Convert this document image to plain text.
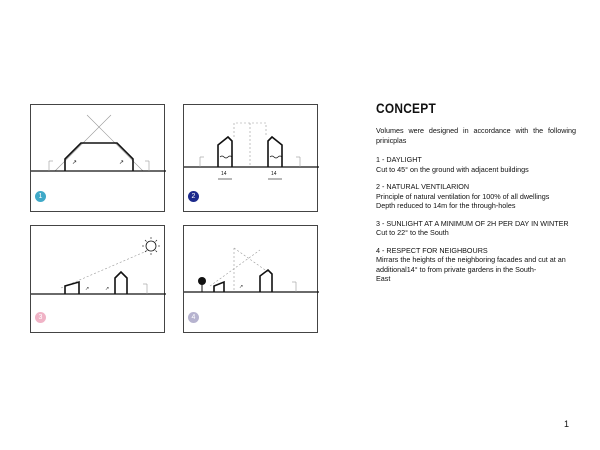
↗	↗
1
14	14
2
↗	↗
3
↗
4
CONCEPT

Volumes were designed in accordance with the following prinicplas

1 - DAYLIGHT

Cut to 45° on the ground with adjacent buildings

2 - NATURAL VENTILARION

Principle of natural ventilation for 100% of all dwellings

Depth reduced to 14m for the through-holes

3 - SUNLIGHT AT A MINIMUM OF 2H PER DAY IN WINTER

Cut to 22° to the South

4 - RESPECT FOR NEIGHBOURS

Mirrars the heights of the neighboring facades and cut at an additional14° to from private gardens in the South-

East

1
